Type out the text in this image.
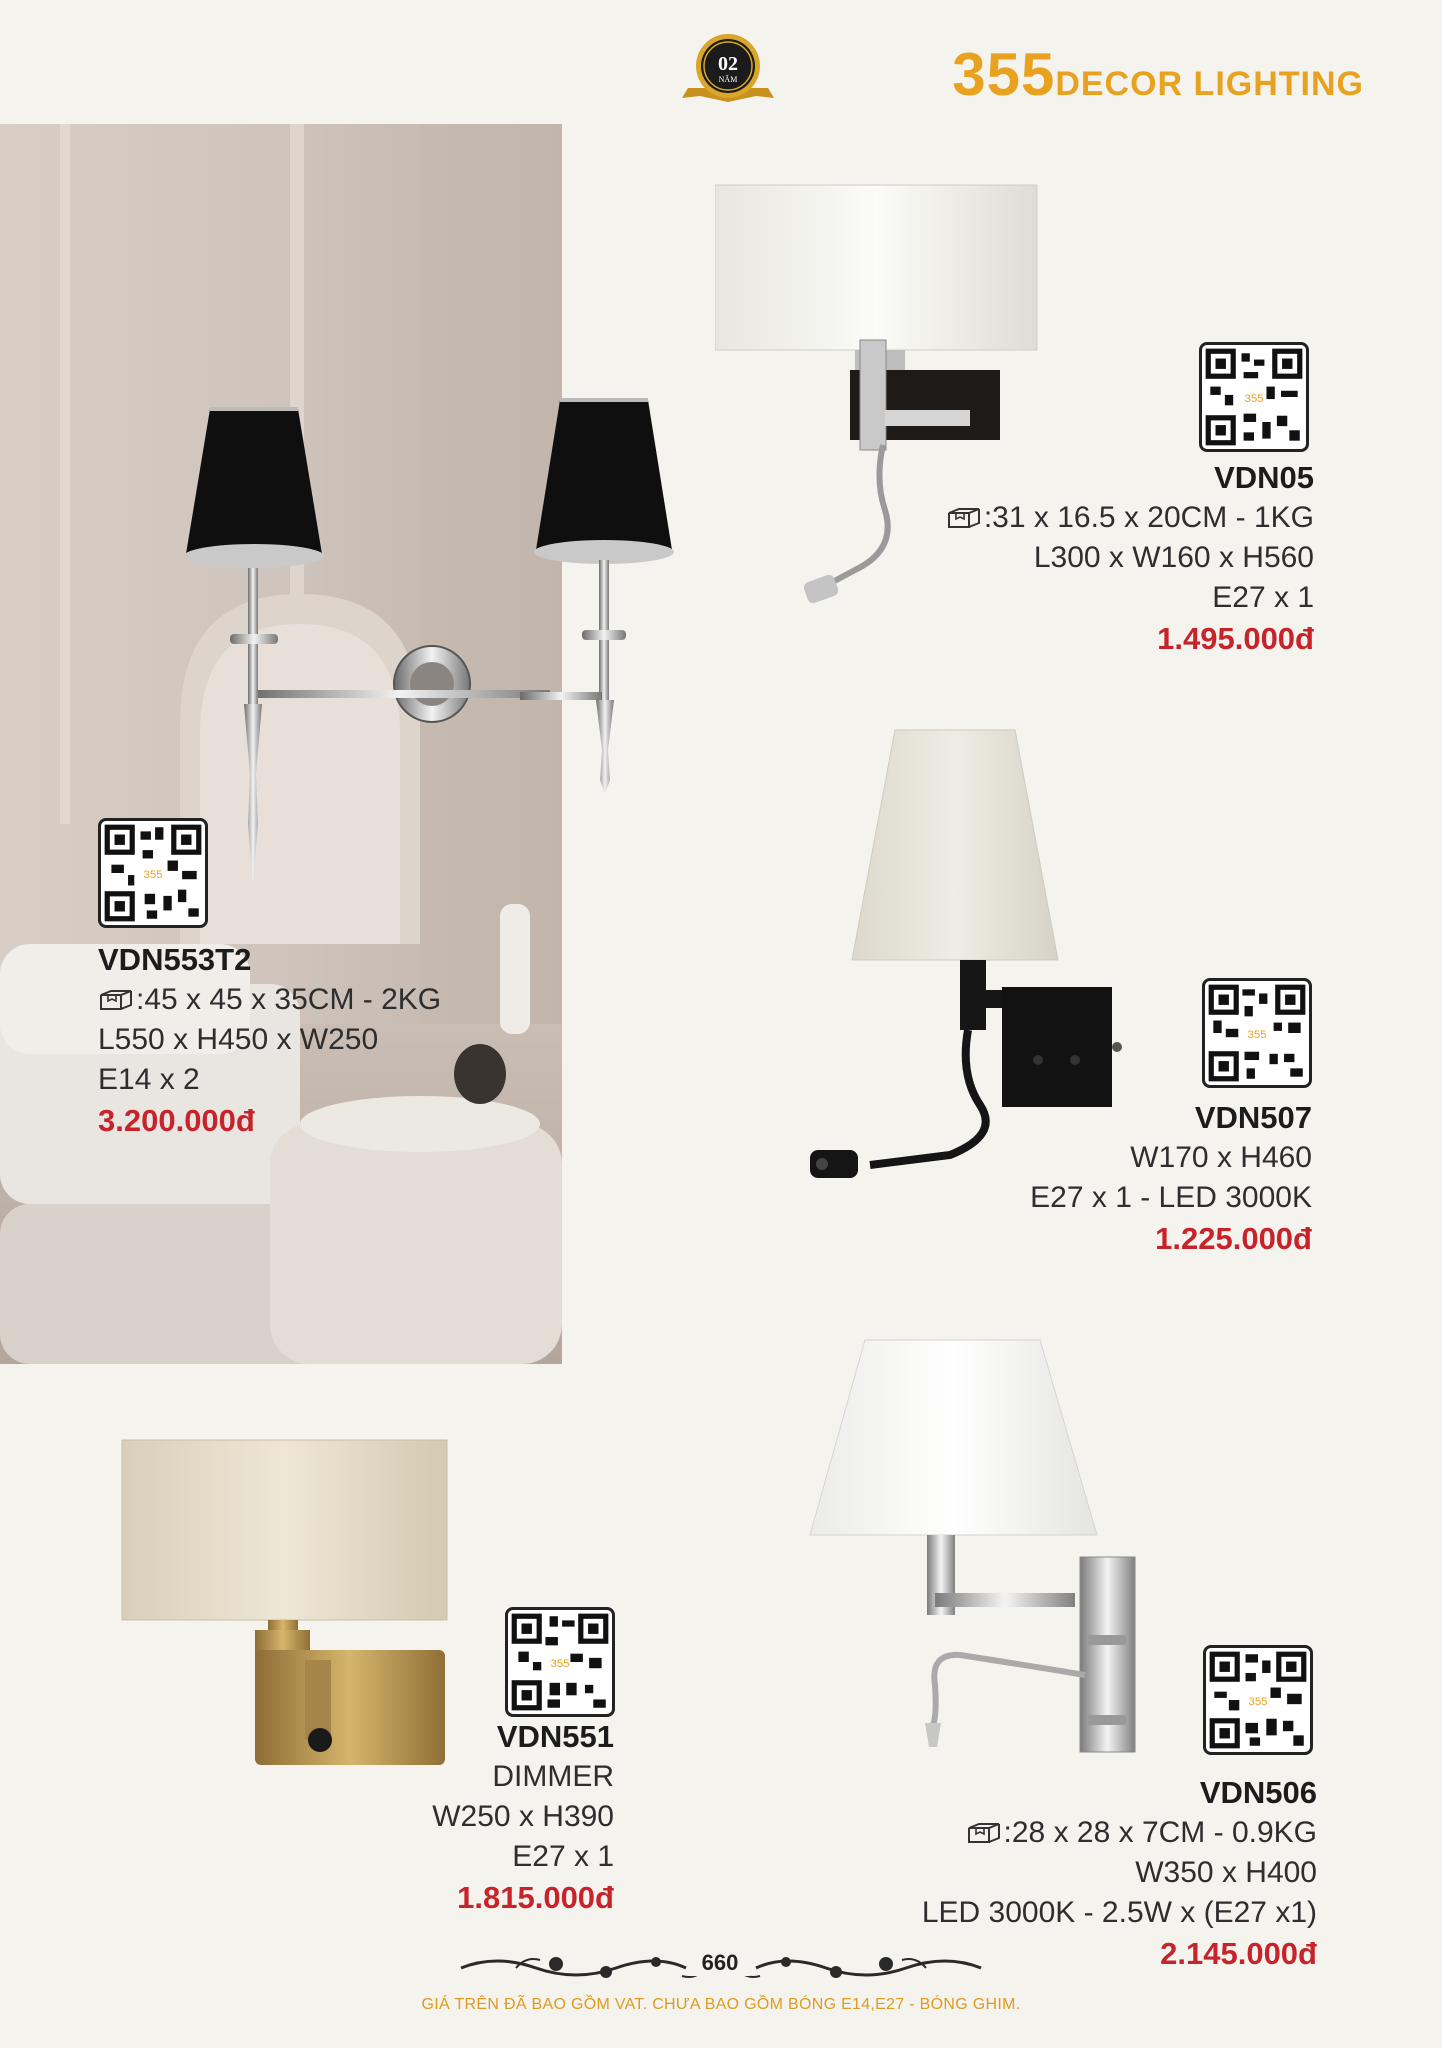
02
NĂM	355DECOR LIGHTING
355
VDN05
:31 x 16.5 x 20CM - 1KG
L300 x W160 x H560
E27 x 1
1.495.000đ
355
VDN553T2
:45 x 45 x 35CM - 2KG
L550 x H450 x W250
E14 x 2
3.200.000đ
355
VDN507
W170 x H460
E27 x 1 - LED 3000K
1.225.000đ
355
VDN551
DIMMER
W250 x H390
E27 x 1
1.815.000đ
355
VDN506
:28 x 28 x 7CM - 0.9KG
W350 x H400
LED 3000K - 2.5W x (E27 x1)
2.145.000đ
660
GIÁ TRÊN ĐÃ BAO GỒM VAT. CHƯA BAO GỒM BÓNG E14,E27 - BÓNG GHIM.
